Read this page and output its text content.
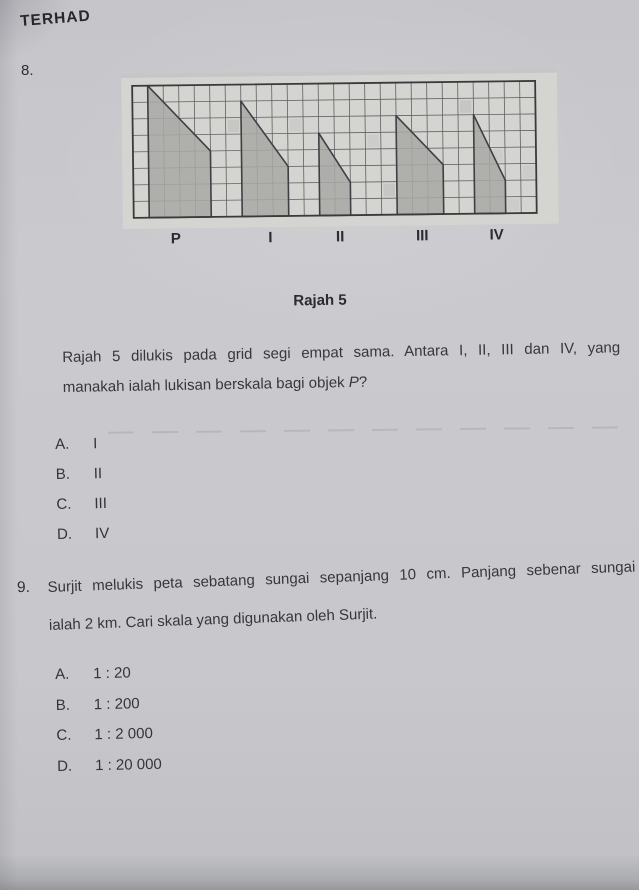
TERHAD
8.
P	I	II	III	IV
Rajah 5
Rajah 5 dilukis pada grid segi empat sama. Antara I, II, III dan IV, yang
manakah ialah lukisan berskala bagi objek P?
A.	I
B.	II
C.	III
D.	IV
9. Surjit melukis peta sebatang sungai sepanjang 10 cm. Panjang sebenar sungai
ialah 2 km. Cari skala yang digunakan oleh Surjit.
A.	1 : 20
B.	1 : 200
C.	1 : 2 000
D.	1 : 20 000
